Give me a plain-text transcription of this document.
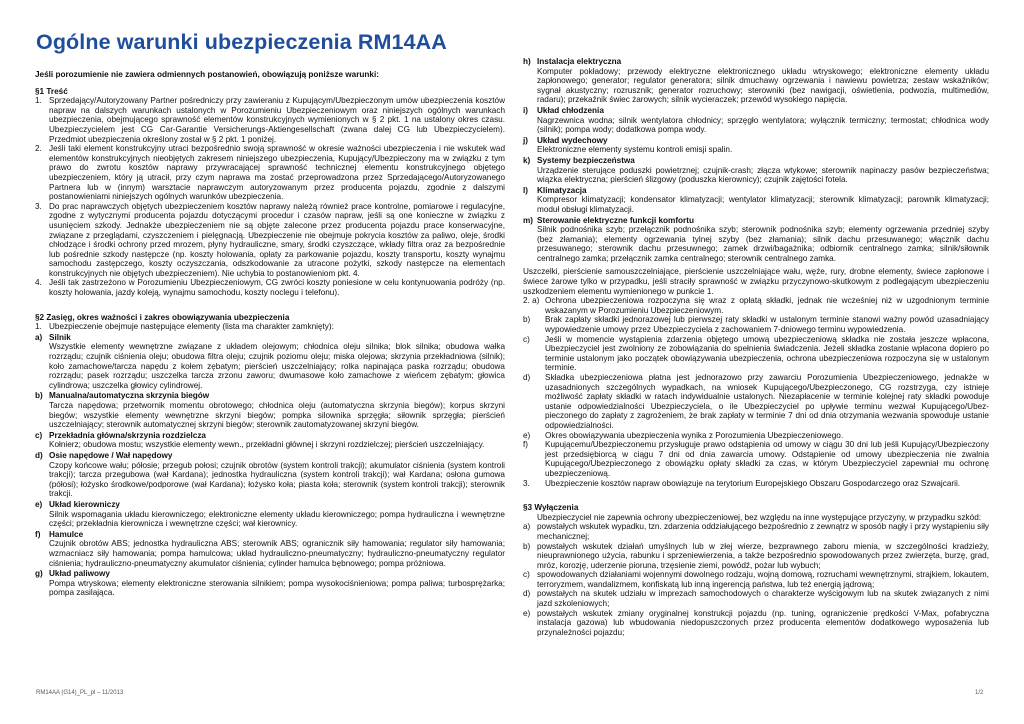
Ogólne warunki ubezpieczenia RM14AA
Jeśli porozumienie nie zawiera odmiennych postanowień, obowiązują poniższe warunki:
§1 Treść
1. Sprzedający/Autoryzowany Partner pośredniczy przy zawieraniu z Kupującym/Ubezpieczonym umów ubezpieczenia kosztów napraw na dalszych warunkach ustalonych w Porozumieniu Ubezpieczeniowym oraz niniejszych ogólnych warunkach ubezpieczenia, obejmującego sprawność elementów konstrukcyjnych wymienionych w § 2 pkt. 1 na ustalony okres czasu. Ubezpieczycielem jest CG Car-Garantie Versicherungs-Aktiengesellschaft (zwana dalej CG lub Ubezpieczycielem). Przedmiot ubezpieczenia określony został w § 2 pkt. 1 poniżej.
2. Jeśli taki element konstrukcyjny utraci bezpośrednio swoją sprawność w okresie ważności ubezpieczenia i nie wskutek wad elementów konstrukcyjnych nieobjętych zakresem niniejszego ubezpieczenia, Kupujący/Ubezpieczony ma w związku z tym prawo do zwrotu kosztów naprawy przywracającej sprawność technicznej elementu konstrukcyjnego objętego ubezpieczeniem, który ją utracił, przy czym naprawa ma zostać przeprowadzona przez Sprzedającego/Autoryzowanego Partnera lub w (innym) warsztacie naprawczym autoryzowanym przez producenta pojazdu, zgodnie z dalszymi postanowieniami niniejszych ogólnych warunków ubezpieczenia.
3. Do prac naprawczych objętych ubezpieczeniem kosztów naprawy należą również prace kontrolne, pomiarowe i regulacyjne, zgodne z wytycznymi producenta pojazdu dotyczącymi procedur i czasów napraw, jeśli są one konieczne w związku z usunięciem szkody. Jednakże ubezpieczeniem nie są objęte zalecone przez producenta pojazdu prace konserwacyjne, związane z przeglądami, czyszczeniem i pielęgnacją. Ubezpieczenie nie obejmuje pokrycia kosztów za paliwo, oleje, środki chłodzące i środki ochrony przed mrozem, płyny hydrauliczne, smary, środki czyszczące, wkłady filtra oraz za bezpośrednie lub pośrednie szkody następcze (np. koszty holowania, opłaty za parkowanie pojazdu, koszty transportu, koszty wynajmu samochodu zastępczego, koszty oczyszczania, odszkodowanie za utracone pożytki, szkody następcze na elementach konstrukcyjnych nie objętych ubezpieczeniem). Nie uchybia to postanowieniom pkt. 4.
4. Jeśli tak zastrzeżono w Porozumieniu Ubezpieczeniowym, CG zwróci koszty poniesione w celu kontynuowania podróży (np. koszty holowania, jazdy koleją, wynajmu samochodu, koszty noclegu i telefonu).
§2 Zasięg, okres ważności i zakres obowiązywania ubezpieczenia
1. Ubezpieczenie obejmuje następujące elementy (lista ma charakter zamknięty):
a) Silnik
Wszystkie elementy wewnętrzne związane z układem olejowym; chłodnica oleju silnika; blok silnika; obudowa wałka rozrządu; czujnik ciśnienia oleju; obudowa filtra oleju; czujnik poziomu oleju; miska olejowa; skrzynia przekładniowa (silnik); koło zamachowe/tarcza napędu z kołem zębatym; pierścień uszczelniający; rolka napinająca paska rozrządu; obudowa rozrządu; pasek rozrządu; uszczelka tarcza zrzonu zaworu; dwumasowe koło zamachowe z wieńcem zębatym; głowica cylindrowa; uszczelka głowicy cylindrowej.
b) Manualna/automatyczna skrzynia biegów
Tarcza napędowa; przetwornik momentu obrotowego; chłodnica oleju (automatyczna skrzynia biegów); korpus skrzyni biegów; wszystkie elementy wewnętrzne skrzyni biegów; pompka silownika sprzęgła; siłownik sprzęgła; pierścień uszczelniający; sterownik automatycznej skrzyni biegów; sterownik zautomatyzowanej skrzyni biegów.
c) Przekładnia główna/skrzynia rozdzielcza
Kołnierz; obudowa mostu; wszystkie elementy wewn., przekładni głównej i skrzyni rozdzielczej; pierścień uszczelniający.
d) Osie napędowe / Wał napędowy
Czopy końcowe wału; półosie; przegub połosi; czujnik obrotów (system kontroli trakcji); akumulator ciśnienia (system kontroli trakcji); tarcza przegubowa (wał Kardana); jednostka hydrauliczna (system kontroli trakcji); wał Kardana; osłona gumowa (półosi); łożysko środkowe/podporowe (wał Kardana); łożysko koła; piasta koła; sterownik (system kontroli trakcji); sterownik trakcji.
e) Układ kierowniczy
Silnik wspomagania układu kierowniczego; elektroniczne elementy układu kierowniczego; pompa hydrauliczna i wewnętrzne części; przekładnia kierownicza i wewnętrzne części; wał kierownicy.
f) Hamulce
Czujnik obrotów ABS; jednostka hydrauliczna ABS; sterownik ABS; ogranicznik siły hamowania; regulator siły hamowania; wzmacniacz siły hamowania; pompa hamulcowa; układ hydrauliczno-pneumatyczny; hydrauliczno-pneumatyczny regulator ciśnienia; hydrauliczno-pneumatyczny akumulator ciśnienia; cylinder hamulca bębnowego; pompa próżniowa.
g) Układ paliwowy
Pompa wtryskowa; elementy elektroniczne sterowania silnikiem; pompa wysokociśnieniowa; pompa paliwa; turbosprężarka; pompa zasilająca.
h) Instalacja elektryczna
Komputer pokładowy; przewody elektryczne elektronicznego układu wtryskowego; elektroniczne elementy układu zapłonowego; generator; regulator generatora; silnik dmuchawy ogrzewania i nawiewu powietrza; zestaw wskaźników; sygnał akustyczny; rozrusznik; generator rozruchowy; sterowniki (bez nawigacji, oświetlenia, podwozia, multimediów, radaru); przekaźnik świec żarowych; silnik wycieraczek; przewód wysokiego napięcia.
i) Układ chłodzenia
Nagrzewnica wodna; silnik wentylatora chłodnicy; sprzęgło wentylatora; wyłącznik termiczny; termostat; chłodnica wody (silnik); pompa wody; dodatkowa pompa wody.
j) Układ wydechowy
Elektroniczne elementy systemu kontroli emisji spalin.
k) Systemy bezpieczeństwa
Urządzenie sterujące poduszki powietrznej; czujnik-crash; złącza wtykowe; sterownik napinaczy pasów bezpieczeństwa; wiązka elektryczna; pierścień ślizgowy (poduszka kierownicy); czujnik zajętości fotela.
l) Klimatyzacja
Kompresor klimatyzacji; kondensator klimatyzacji; wentylator klimatyzacji; sterownik klimatyzacji; parownik klimatyzacji; moduł obsługi klimatyzacji.
m) Sterowanie elektryczne funkcji komfortu
Silnik podnośnika szyb; przełącznik podnośnika szyb; sterownik podnośnika szyb; elementy ogrzewania przedniej szyby (bez złamania); elementy ogrzewania tylnej szyby (bez złamania); silnik dachu przesuwanego; włącznik dachu przesuwanego; sterownik dachu przesuwnego; zamek drzwi/bagażnika; odbiornik centralnego zamka; silnik/siłownik centralnego zamka; przełącznik zamka centralnego; sterownik centralnego zamka.
Uszczelki, pierścienie samouszczelniające, pierścienie uszczelniające wału, węże, rury, drobne elementy, świece zapłonowe i świece żarowe tylko w przypadku, jeśli straciły sprawność w związku przyczynowo-skutkowym z podlegającym ubezpieczeniu uszkodzeniem elementu wymienionego w punkcie 1.
2. a) Ochrona ubezpieczeniowa rozpoczyna się wraz z opłatą składki, jednak nie wcześniej niż w uzgodnionym terminie wskazanym w Porozumieniu Ubezpieczeniowym.
b) Brak zapłaty składki jednorazowej lub pierwszej raty składki w ustalonym terminie stanowi ważny powód uzasadniający wypowiedzenie umowy przez Ubezpieczyciela z zachowaniem 7-dniowego terminu wypowiedzenia.
c) Jeśli w momencie wystąpienia zdarzenia objętego umową ubezpieczeniową składka nie została jeszcze wpłacona, Ubezpieczyciel jest zwolniony ze zobowiązania do spełnienia świadczenia. Jeżeli składka zostanie wpłacona dopiero po terminie ustalonym jako początek obowiązywania ubezpieczenia, ochrona ubezpieczeniowa rozpoczyna się w ustalonym terminie.
d) Składka ubezpieczeniowa płatna jest jednorazowo przy zawarciu Porozumienia Ubezpieczeniowego, jednakże w uzasadnionych szczególnych wypadkach, na wniosek Kupującego/Ubezpieczonego, CG rozstrzyga, czy istnieje możliwość zapłaty składki w ratach indywidualnie ustalonych. Niezapłacenie w terminie kolejnej raty składki powoduje ustanie odpowiedzialności Ubezpieczyciela, o ile Ubezpieczyciel po upływie terminu wezwał Kupującego/Ubez-pieczonego do zapłaty z zagrożeniem, że brak zapłaty w terminie 7 dni od dnia otrzymania wezwania spowoduje ustanie odpowiedzialności.
e) Okres obowiązywania ubezpieczenia wynika z Porozumienia Ubezpieczeniowego.
f) Kupującemu/Ubezpieczonemu przysługuje prawo odstąpienia od umowy w ciągu 30 dni lub jeśli Kupujący/Ubezpieczony jest przedsiębiorcą w ciągu 7 dni od dnia zawarcia umowy. Odstąpienie od umowy ubezpieczenia nie zwalnia Kupującego/Ubezpieczonego z obowiązku opłaty składki za czas, w którym Ubezpieczyciel zapewniał mu ochronę ubezpieczeniową.
3. Ubezpieczenie kosztów napraw obowiązuje na terytorium Europejskiego Obszaru Gospodarczego oraz Szwajcarii.
§3 Wyłączenia
Ubezpieczyciel nie zapewnia ochrony ubezpieczeniowej, bez względu na inne występujące przyczyny, w przypadku szkód:
a) powstałych wskutek wypadku, tzn. zdarzenia oddziałującego bezpośrednio z zewnątrz w sposób nagły i przy wystąpieniu siły mechanicznej;
b) powstałych wskutek działań umyślnych lub w złej wierze, bezprawnego zaboru mienia, w szczególności kradzieży, nieuprawnionego użycia, rabunku i sprzeniewierzenia, a także bezpośrednio spowodowanych przez zwierzęta, burzę, grad, mróz, korozję, uderzenie pioruna, trzęsienie ziemi, powódź, pożar lub wybuch;
c) spowodowanych działaniami wojennymi dowolnego rodzaju, wojną domową, rozruchami wewnętrznymi, strajkiem, lokautem, terroryzmem, wandalizmem, konfiskatą lub inną ingerencją państwa, lub też energią jądrową;
d) powstałych na skutek udziału w imprezach samochodowych o charakterze wyścigowym lub na skutek związanych z nimi jazd szkoleniowych;
e) powstałych wskutek zmiany oryginalnej konstrukcji pojazdu (np. tuning, ograniczenie prędkości V-Max, pofabryczna instalacja gazowa) lub wbudowania niedopuszczonych przez producenta elementów dodatkowego wyposażenia lub przynależności pojazdu;
RM14AA (G14)_PL_pl – 11/2013	1/2
